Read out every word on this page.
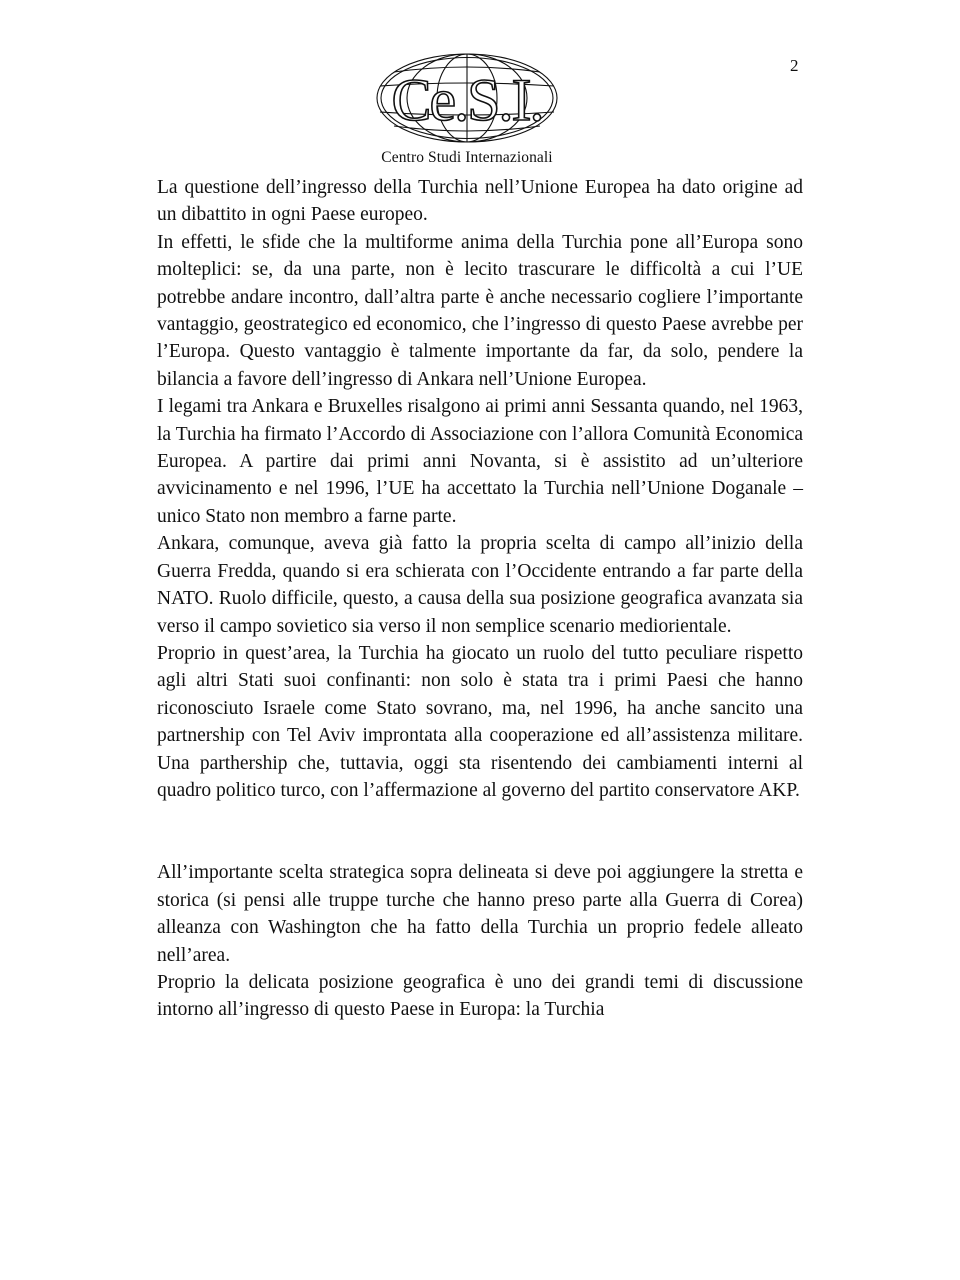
2
Ce.S.I.
Centro Studi Internazionali

La questione dell’ingresso della Turchia nell’Unione Europea ha dato origine ad un dibattito in ogni Paese europeo.

In effetti, le sfide che la multiforme anima della Turchia pone all’Europa sono molteplici: se, da una parte, non è lecito trascurare le difficoltà a cui l’UE potrebbe andare incontro, dall’altra parte è anche necessario cogliere l’importante vantaggio, geostrategico ed economico, che l’ingresso di questo Paese avrebbe per l’Europa. Questo vantaggio è talmente importante da far, da solo, pendere la bilancia a favore dell’ingresso di Ankara nell’Unione Europea.

I legami tra Ankara e Bruxelles risalgono ai primi anni Sessanta quando, nel 1963, la Turchia ha firmato l’Accordo di Associazione con l’allora Comunità Economica Europea. A partire dai primi anni Novanta, si è assistito ad un’ulteriore avvicinamento e nel 1996, l’UE ha accettato la Turchia nell’Unione Doganale – unico Stato non membro a farne parte.

Ankara, comunque, aveva già fatto la propria scelta di campo all’inizio della Guerra Fredda, quando si era schierata con l’Occidente entrando a far parte della NATO. Ruolo difficile, questo, a causa della sua posizione geografica avanzata sia verso il campo sovietico sia verso il non semplice scenario mediorientale.

Proprio in quest’area, la Turchia ha giocato un ruolo del tutto peculiare rispetto agli altri Stati suoi confinanti: non solo è stata tra i primi Paesi che hanno riconosciuto Israele come Stato sovrano, ma, nel 1996, ha anche sancito una partnership con Tel Aviv improntata alla cooperazione ed all’assistenza militare. Una parthership che, tuttavia, oggi sta risentendo dei cambiamenti interni al quadro politico turco, con l’affermazione al governo del partito conservatore AKP.

All’importante scelta strategica sopra delineata si deve poi aggiungere la stretta e storica (si pensi alle truppe turche che hanno preso parte alla Guerra di Corea) alleanza con Washington che ha fatto della Turchia un proprio fedele alleato nell’area.

Proprio la delicata posizione geografica è uno dei grandi temi di discussione intorno all’ingresso di questo Paese in Europa: la Turchia
